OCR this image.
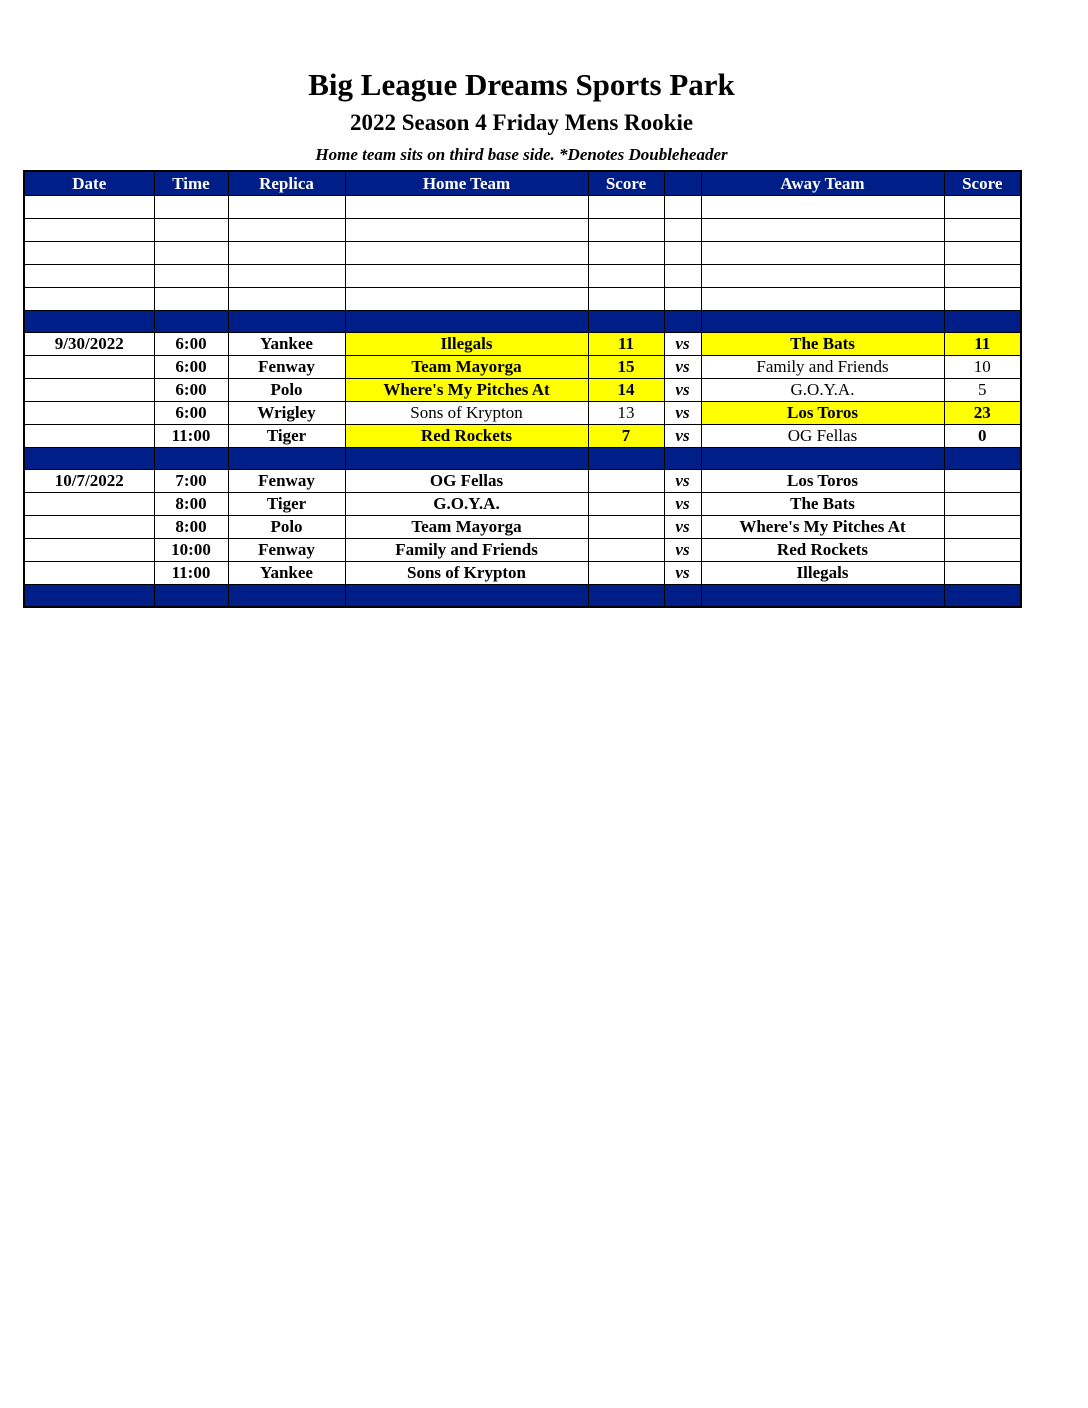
Big League Dreams Sports Park
2022 Season 4 Friday Mens Rookie
Home team sits on third base side. *Denotes Doubleheader
Date	Time	Replica	Home Team	Score		Away Team	Score

9/30/2022	6:00	Yankee	Illegals	11	vs	The Bats	11
	6:00	Fenway	Team Mayorga	15	vs	Family and Friends	10
	6:00	Polo	Where's My Pitches At	14	vs	G.O.Y.A.	5
	6:00	Wrigley	Sons of Krypton	13	vs	Los Toros	23
	11:00	Tiger	Red Rockets	7	vs	OG Fellas	0

10/7/2022	7:00	Fenway	OG Fellas		vs	Los Toros	
	8:00	Tiger	G.O.Y.A.		vs	The Bats	
	8:00	Polo	Team Mayorga		vs	Where's My Pitches At	
	10:00	Fenway	Family and Friends		vs	Red Rockets	
	11:00	Yankee	Sons of Krypton		vs	Illegals	
